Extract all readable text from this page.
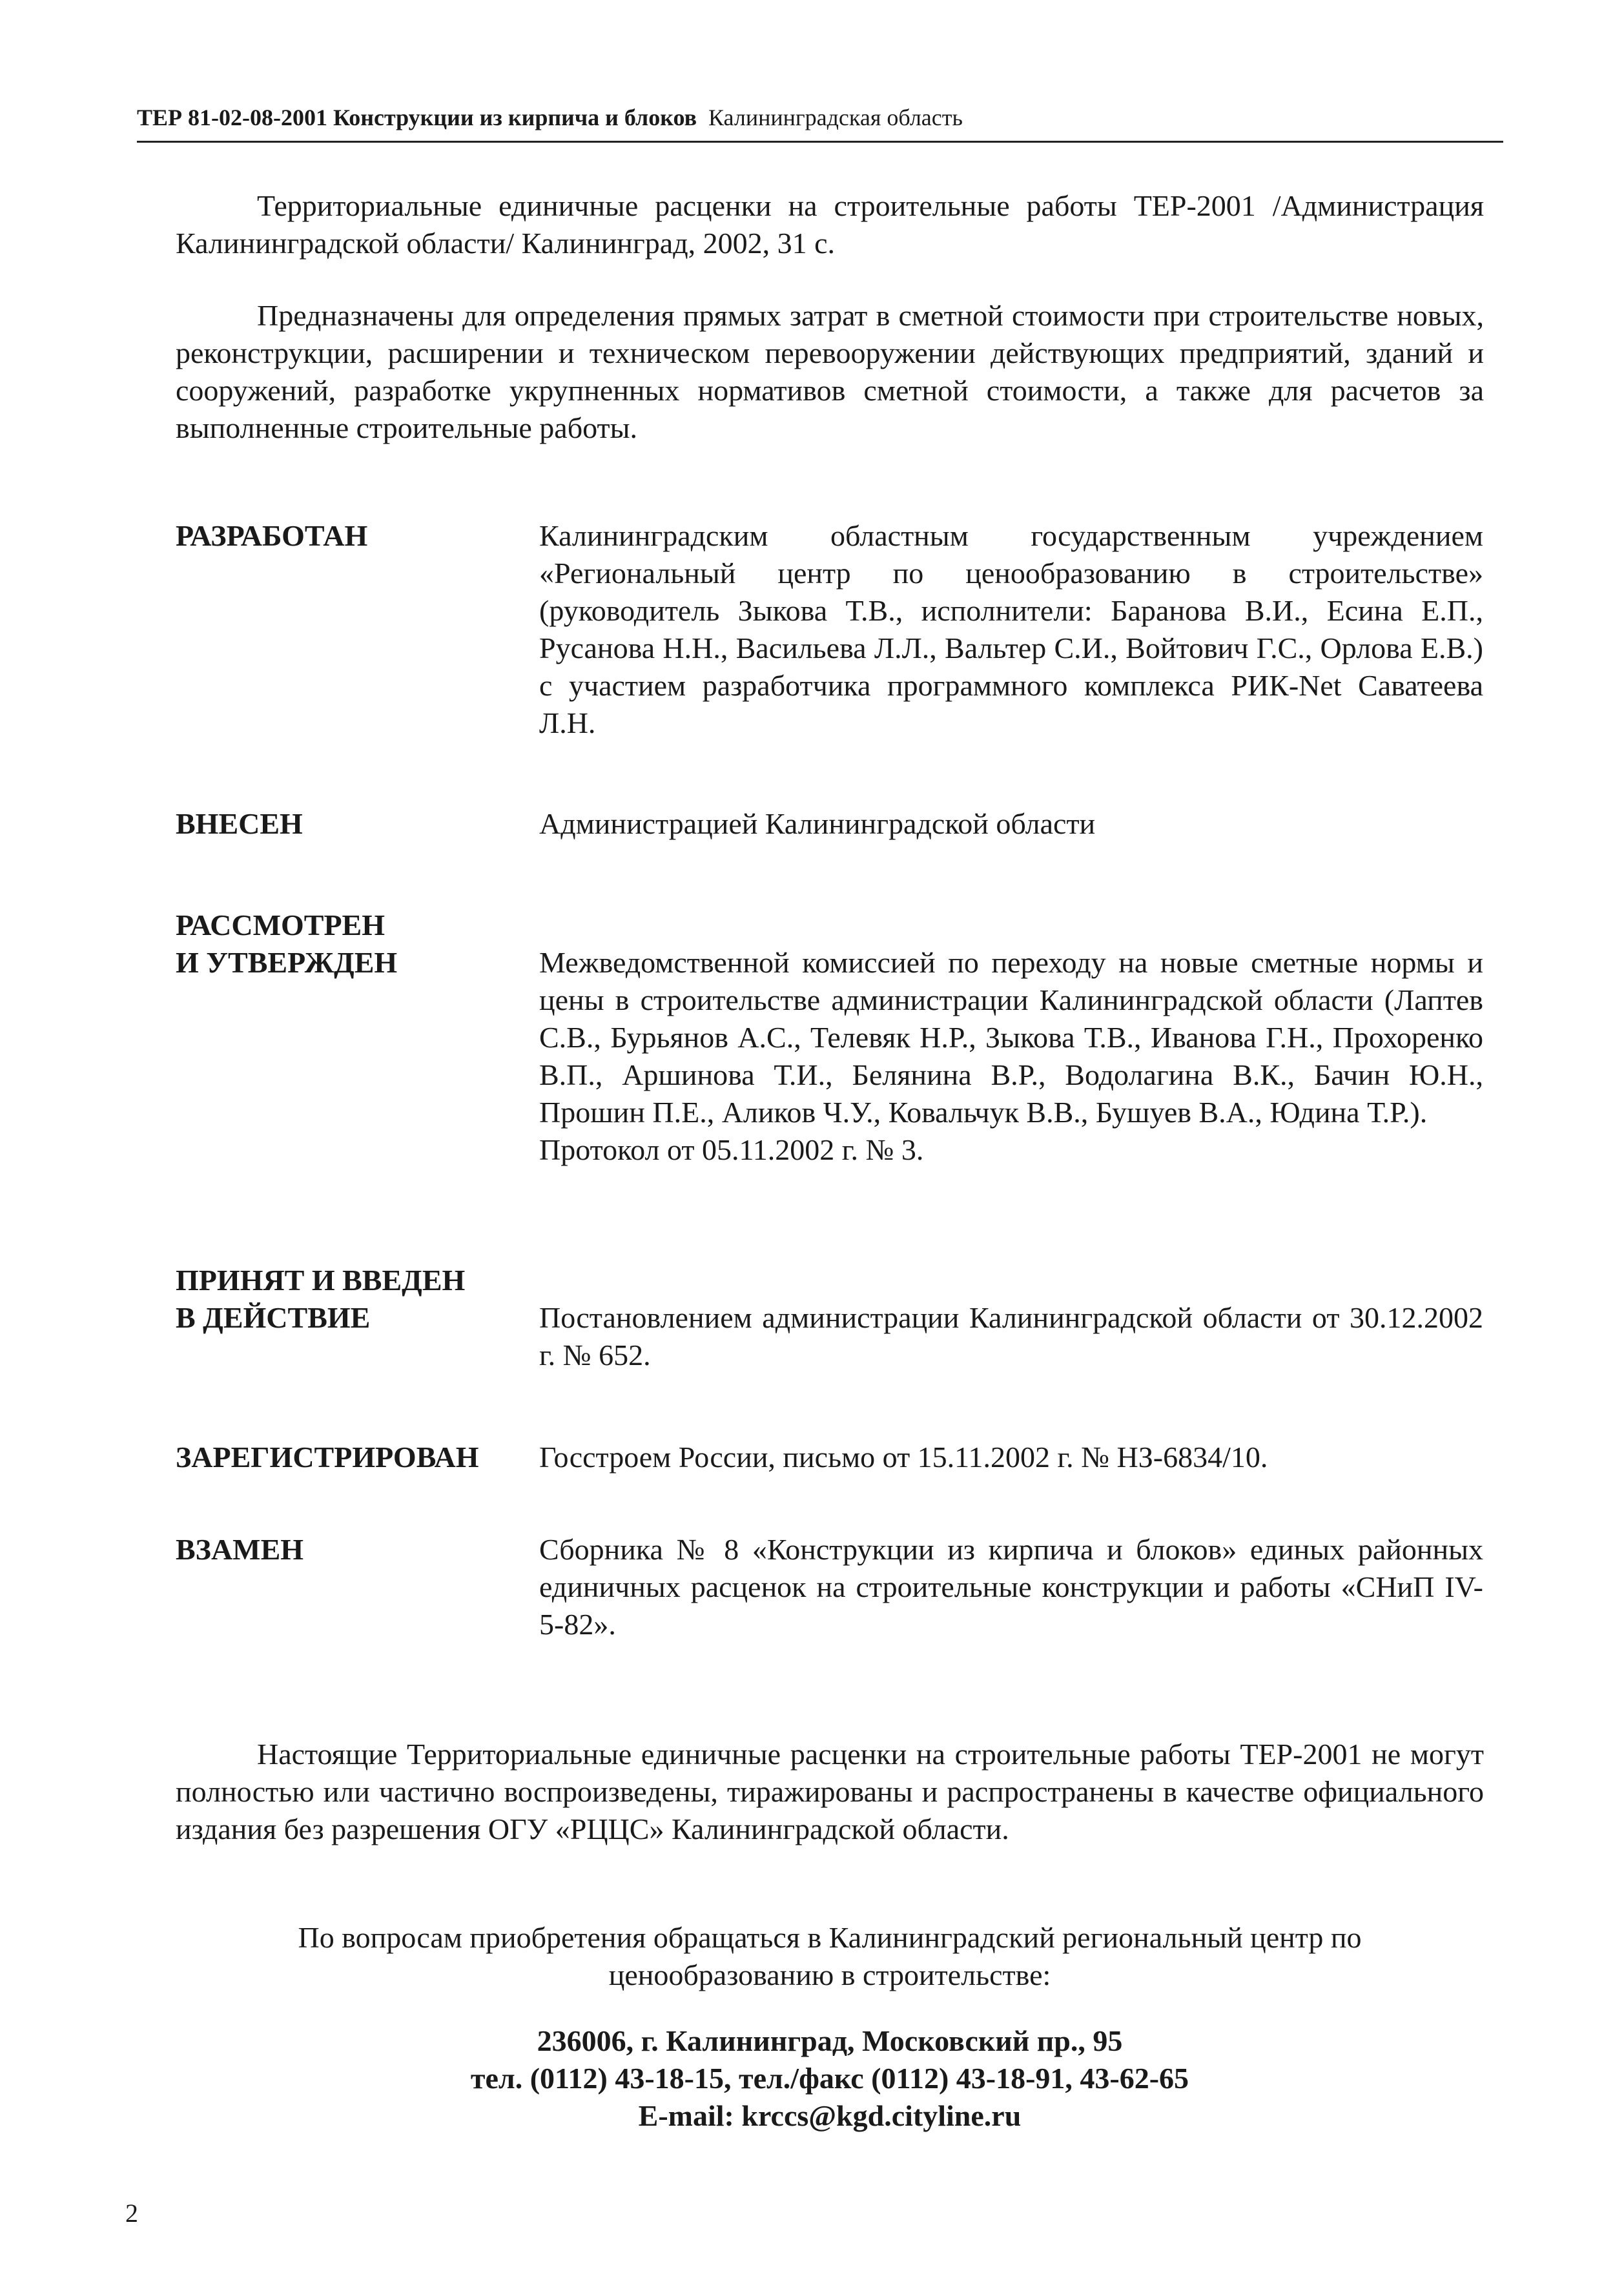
ТЕР 81-02-08-2001 Конструкции из кирпича и блоков Калининградская область
Территориальные единичные расценки на строительные работы ТЕР-2001 /Администрация Калининградской области/ Калининград, 2002, 31 с.
Предназначены для определения прямых затрат в сметной стоимости при строительстве новых, реконструкции, расширении и техническом перевооружении действующих предприятий, зданий и сооружений, разработке укрупненных нормативов сметной стоимости, а также для расчетов за выполненные строительные работы.
РАЗРАБОТАН	Калининградским областным государственным учреждением «Региональный центр по ценообразованию в строительстве» (руководитель Зыкова Т.В., исполнители: Баранова В.И., Есина Е.П., Русанова Н.Н., Васильева Л.Л., Вальтер С.И., Войтович Г.С., Орлова Е.В.) с участием разработчика программного комплекса РИК-Net Саватеева Л.Н.
ВНЕСЕН	Администрацией Калининградской области
РАССМОТРЕН
И УТВЕРЖДЕН	Межведомственной комиссией по переходу на новые сметные нормы и цены в строительстве администрации Калининградской области (Лаптев С.В., Бурьянов А.С., Телевяк Н.Р., Зыкова Т.В., Иванова Г.Н., Прохоренко В.П., Аршинова Т.И., Белянина В.Р., Водолагина В.К., Бачин Ю.Н., Прошин П.Е., Аликов Ч.У., Ковальчук В.В., Бушуев В.А., Юдина Т.Р.).
Протокол от 05.11.2002 г. № 3.
ПРИНЯТ И ВВЕДЕН
В ДЕЙСТВИЕ	Постановлением администрации Калининградской области от 30.12.2002 г. № 652.
ЗАРЕГИСТРИРОВАН	Госстроем России, письмо от 15.11.2002 г. № НЗ-6834/10.
ВЗАМЕН	Сборника № 8 «Конструкции из кирпича и блоков» единых районных единичных расценок на строительные конструкции и работы «СНиП IV-5-82».
Настоящие Территориальные единичные расценки на строительные работы ТЕР-2001 не могут полностью или частично воспроизведены, тиражированы и распространены в качестве официального издания без разрешения ОГУ «РЦЦС» Калининградской области.
По вопросам приобретения обращаться в Калининградский региональный центр по ценообразованию в строительстве:
236006, г. Калининград, Московский пр., 95
тел. (0112) 43-18-15, тел./факс (0112) 43-18-91, 43-62-65
E-mail: krccs@kgd.cityline.ru
2
